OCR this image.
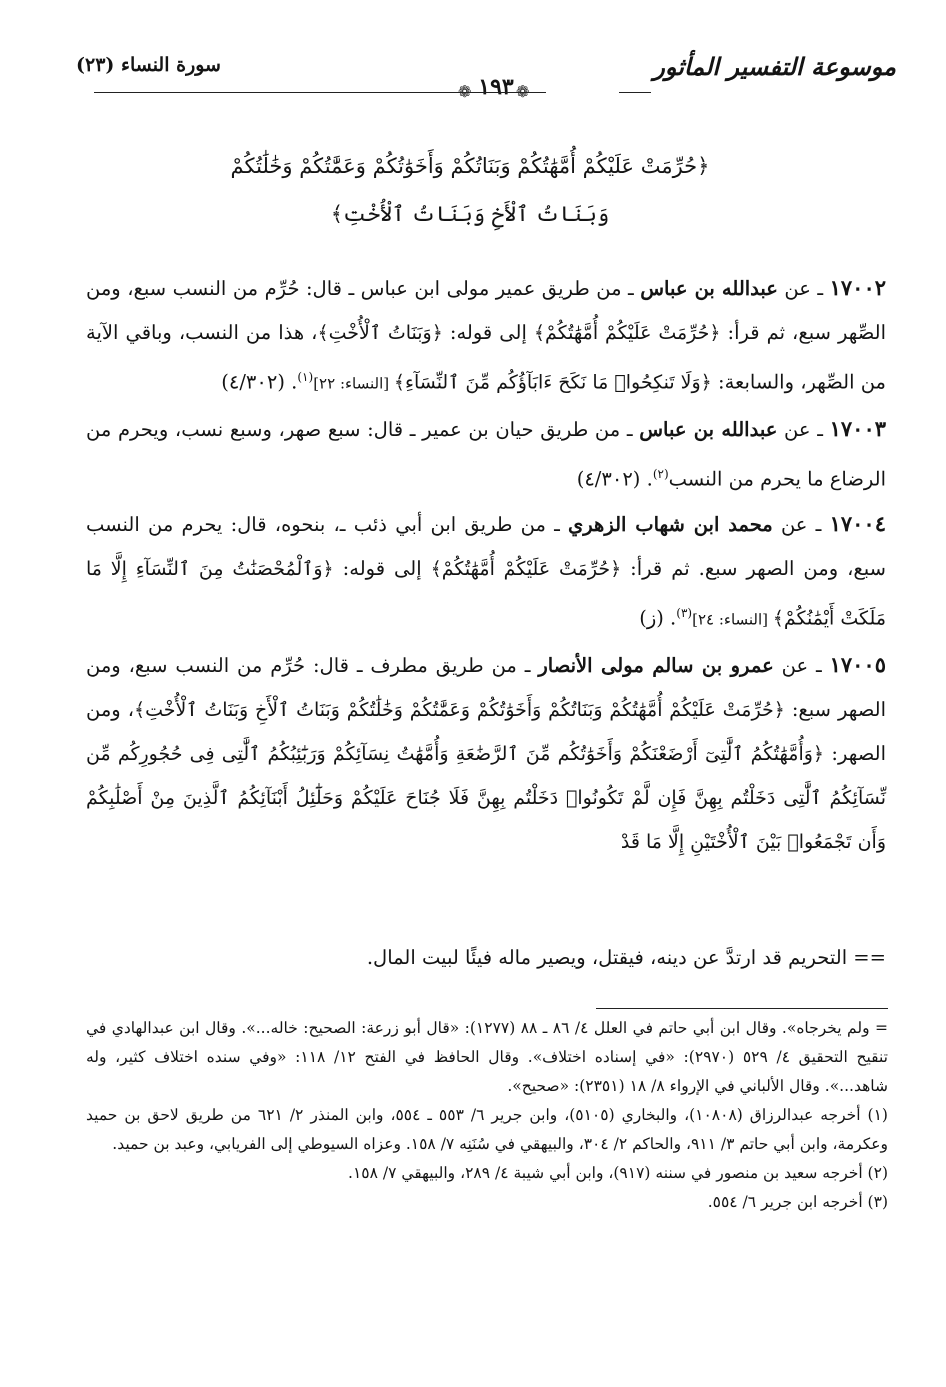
موسوعة التفسير المأثور
❁
١٩٣
❁
سورة النساء (٢٣)

﴿حُرِّمَتْ عَلَيْكُمْ أُمَّهَٰتُكُمْ وَبَنَاتُكُمْ وَأَخَوَٰتُكُمْ وَعَمَّٰتُكُمْ وَخَٰلَٰتُكُمْ

وَبَنَاتُ ٱلْأَخِ وَبَنَاتُ ٱلْأُخْتِ﴾

١٧٠٠٢ ـ عن عبدالله بن عباس ـ من طريق عمير مولى ابن عباس ـ قال: حُرِّم من النسب سبع، ومن الصِّهر سبع، ثم قرأ: ﴿حُرِّمَتْ عَلَيْكُمْ أُمَّهَٰتُكُمْ﴾ إلى قوله: ﴿وَبَنَاتُ ٱلْأُخْتِ﴾، هذا من النسب، وباقي الآية من الصِّهر، والسابعة: ﴿وَلَا تَنكِحُوا۟ مَا نَكَحَ ءَابَآؤُكُم مِّنَ ٱلنِّسَآءِ﴾ [النساء: ٢٢]$^{(١)}$. (٤/٣٠٢)

١٧٠٠٣ ـ عن عبدالله بن عباس ـ من طريق حيان بن عمير ـ قال: سبع صهر، وسبع نسب، ويحرم من الرضاع ما يحرم من النسب$^{(٢)}$. (٤/٣٠٢)

١٧٠٠٤ ـ عن محمد ابن شهاب الزهري ـ من طريق ابن أبي ذئب ـ، بنحوه، قال: يحرم من النسب سبع، ومن الصهر سبع. ثم قرأ: ﴿حُرِّمَتْ عَلَيْكُمْ أُمَّهَٰتُكُمْ﴾ إلى قوله: ﴿وَٱلْمُحْصَنَٰتُ مِنَ ٱلنِّسَآءِ إِلَّا مَا مَلَكَتْ أَيْمَٰنُكُمْ﴾ [النساء: ٢٤]$^{(٣)}$. (ز)

١٧٠٠٥ ـ عن عمرو بن سالم مولى الأنصار ـ من طريق مطرف ـ قال: حُرِّم من النسب سبع، ومن الصهر سبع: ﴿حُرِّمَتْ عَلَيْكُمْ أُمَّهَٰتُكُمْ وَبَنَاتُكُمْ وَأَخَوَٰتُكُمْ وَعَمَّٰتُكُمْ وَخَٰلَٰتُكُمْ وَبَنَاتُ ٱلْأَخِ وَبَنَاتُ ٱلْأُخْتِ﴾، ومن الصهر: ﴿وَأُمَّهَٰتُكُمُ ٱلَّٰتِىٓ أَرْضَعْنَكُمْ وَأَخَوَٰتُكُم مِّنَ ٱلرَّضَٰعَةِ وَأُمَّهَٰتُ نِسَآئِكُمْ وَرَبَٰٓئِبُكُمُ ٱلَّٰتِى فِى حُجُورِكُم مِّن نِّسَآئِكُمُ ٱلَّٰتِى دَخَلْتُم بِهِنَّ فَإِن لَّمْ تَكُونُوا۟ دَخَلْتُم بِهِنَّ فَلَا جُنَاحَ عَلَيْكُمْ وَحَلَٰٓئِلُ أَبْنَآئِكُمُ ٱلَّذِينَ مِنْ أَصْلَٰبِكُمْ وَأَن تَجْمَعُوا۟ بَيْنَ ٱلْأُخْتَيْنِ إِلَّا مَا قَدْ

== التحريم قد ارتدَّ عن دينه، فيقتل، ويصير ماله فيئًا لبيت المال.

= ولم يخرجاه». وقال ابن أبي حاتم في العلل ٤/ ٨٦ ـ ٨٨ (١٢٧٧): «قال أبو زرعة: الصحيح: خاله...». وقال ابن عبدالهادي في تنقيح التحقيق ٤/ ٥٢٩ (٢٩٧٠): «في إسناده اختلاف». وقال الحافظ في الفتح ١٢/ ١١٨: «وفي سنده اختلاف كثير، وله شاهد...». وقال الألباني في الإرواء ٨/ ١٨ (٢٣٥١): «صحيح».

(١) أخرجه عبدالرزاق (١٠٨٠٨)، والبخاري (٥١٠٥)، وابن جرير ٦/ ٥٥٣ ـ ٥٥٤، وابن المنذر ٢/ ٦٢١ من طريق لاحق بن حميد وعكرمة، وابن أبي حاتم ٣/ ٩١١، والحاكم ٢/ ٣٠٤، والبيهقي في سُنَنِه ٧/ ١٥٨. وعزاه السيوطي إلى الفريابي، وعبد بن حميد.

(٢) أخرجه سعيد بن منصور في سننه (٩١٧)، وابن أبي شيبة ٤/ ٢٨٩، والبيهقي ٧/ ١٥٨.

(٣) أخرجه ابن جرير ٦/ ٥٥٤.
